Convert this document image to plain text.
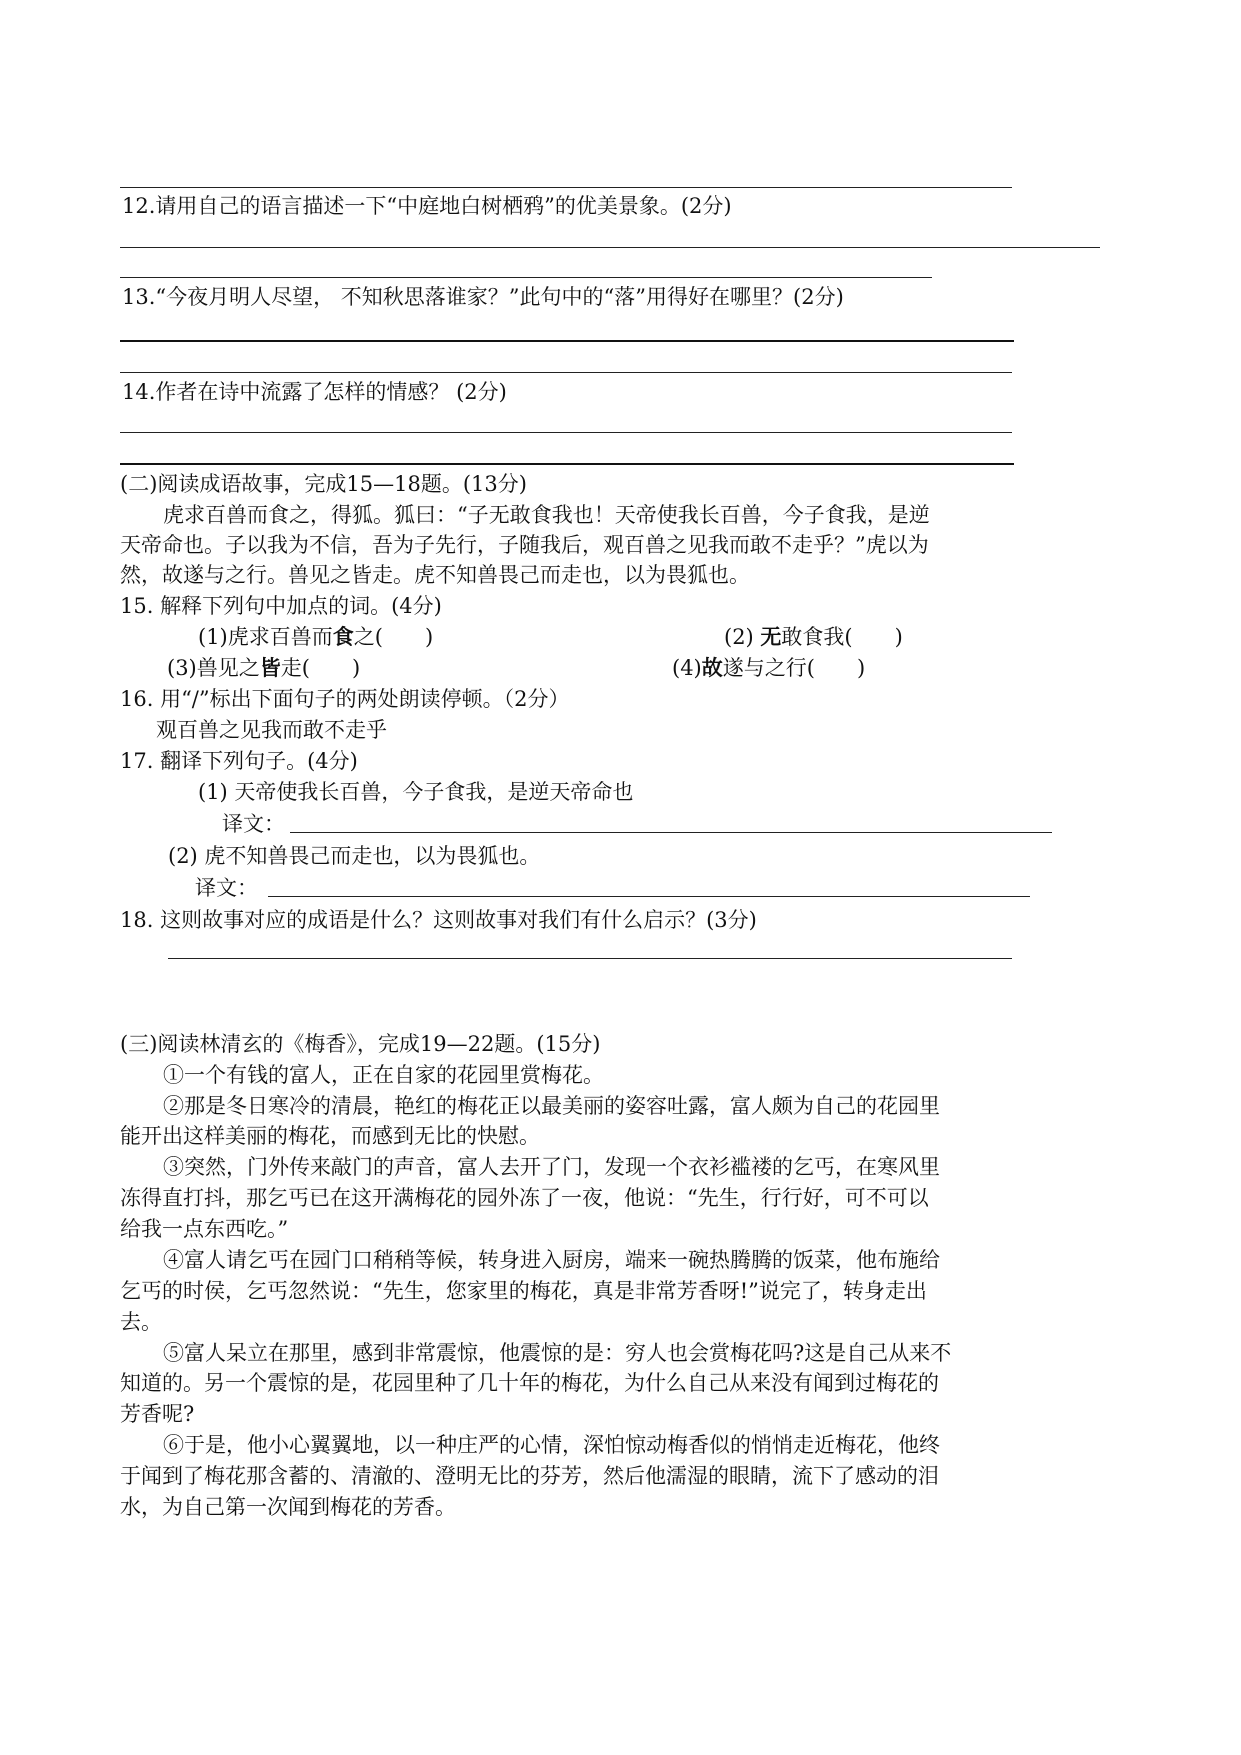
12.请用自己的语言描述一下“中庭地白树栖鸦”的优美景象。(2分)
13.“今夜月明人尽望， 不知秋思落谁家？”此句中的“落”用得好在哪里？(2分)
14.作者在诗中流露了怎样的情感？ (2分)
(二)阅读成语故事，完成15—18题。(13分)
虎求百兽而食之，得狐。狐曰：“子无敢食我也！天帝使我长百兽，今子食我，是逆
天帝命也。子以我为不信，吾为子先行，子随我后，观百兽之见我而敢不走乎？”虎以为
然，故遂与之行。兽见之皆走。虎不知兽畏己而走也，以为畏狐也。
15. 解释下列句中加点的词。(4分)
(1)虎求百兽而食之(　　)	(2) 无敢食我(　　)
(3)兽见之皆走(　　)	(4)故遂与之行(　　)
16. 用“/”标出下面句子的两处朗读停顿。（2分）
观百兽之见我而敢不走乎
17. 翻译下列句子。(4分)
(1) 天帝使我长百兽，今子食我，是逆天帝命也
译文：
(2) 虎不知兽畏己而走也，以为畏狐也。
译文：
18. 这则故事对应的成语是什么？这则故事对我们有什么启示？(3分)
(三)阅读林清玄的《梅香》，完成19—22题。(15分)
①一个有钱的富人，正在自家的花园里赏梅花。
②那是冬日寒冷的清晨，艳红的梅花正以最美丽的姿容吐露，富人颇为自己的花园里
能开出这样美丽的梅花，而感到无比的快慰。
③突然，门外传来敲门的声音，富人去开了门，发现一个衣衫褴褛的乞丐，在寒风里
冻得直打抖，那乞丐已在这开满梅花的园外冻了一夜，他说：“先生，行行好，可不可以
给我一点东西吃。”
④富人请乞丐在园门口稍稍等候，转身进入厨房，端来一碗热腾腾的饭菜，他布施给
乞丐的时侯，乞丐忽然说：“先生，您家里的梅花，真是非常芳香呀!”说完了，转身走出
去。
⑤富人呆立在那里，感到非常震惊，他震惊的是：穷人也会赏梅花吗?这是自己从来不
知道的。另一个震惊的是，花园里种了几十年的梅花，为什么自己从来没有闻到过梅花的
芳香呢?
⑥于是，他小心翼翼地，以一种庄严的心情，深怕惊动梅香似的悄悄走近梅花，他终
于闻到了梅花那含蓄的、清澈的、澄明无比的芬芳，然后他濡湿的眼睛，流下了感动的泪
水，为自己第一次闻到梅花的芳香。
